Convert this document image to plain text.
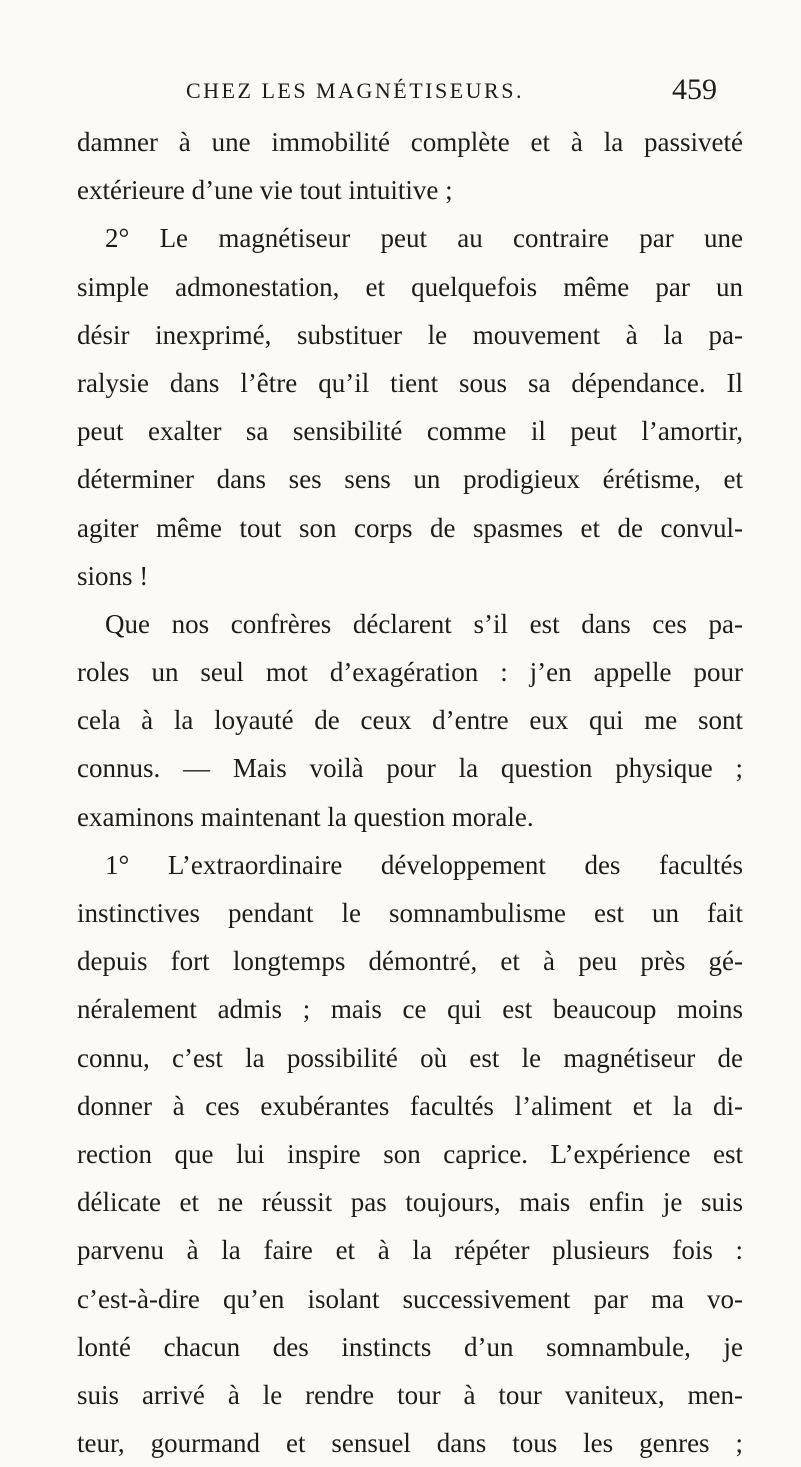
CHEZ LES MAGNÉTISEURS.	459
damner à une immobilité complète et à la passiveté
extérieure d’une vie tout intuitive ;
2° Le magnétiseur peut au contraire par une
simple admonestation, et quelquefois même par un
désir inexprimé, substituer le mouvement à la pa-
ralysie dans l’être qu’il tient sous sa dépendance. Il
peut exalter sa sensibilité comme il peut l’amortir,
déterminer dans ses sens un prodigieux érétisme, et
agiter même tout son corps de spasmes et de convul-
sions !
Que nos confrères déclarent s’il est dans ces pa-
roles un seul mot d’exagération : j’en appelle pour
cela à la loyauté de ceux d’entre eux qui me sont
connus. — Mais voilà pour la question physique ;
examinons maintenant la question morale.
1° L’extraordinaire développement des facultés
instinctives pendant le somnambulisme est un fait
depuis fort longtemps démontré, et à peu près gé-
néralement admis ; mais ce qui est beaucoup moins
connu, c’est la possibilité où est le magnétiseur de
donner à ces exubérantes facultés l’aliment et la di-
rection que lui inspire son caprice. L’expérience est
délicate et ne réussit pas toujours, mais enfin je suis
parvenu à la faire et à la répéter plusieurs fois :
c’est-à-dire qu’en isolant successivement par ma vo-
lonté chacun des instincts d’un somnambule, je
suis arrivé à le rendre tour à tour vaniteux, men-
teur, gourmand et sensuel dans tous les genres ;
